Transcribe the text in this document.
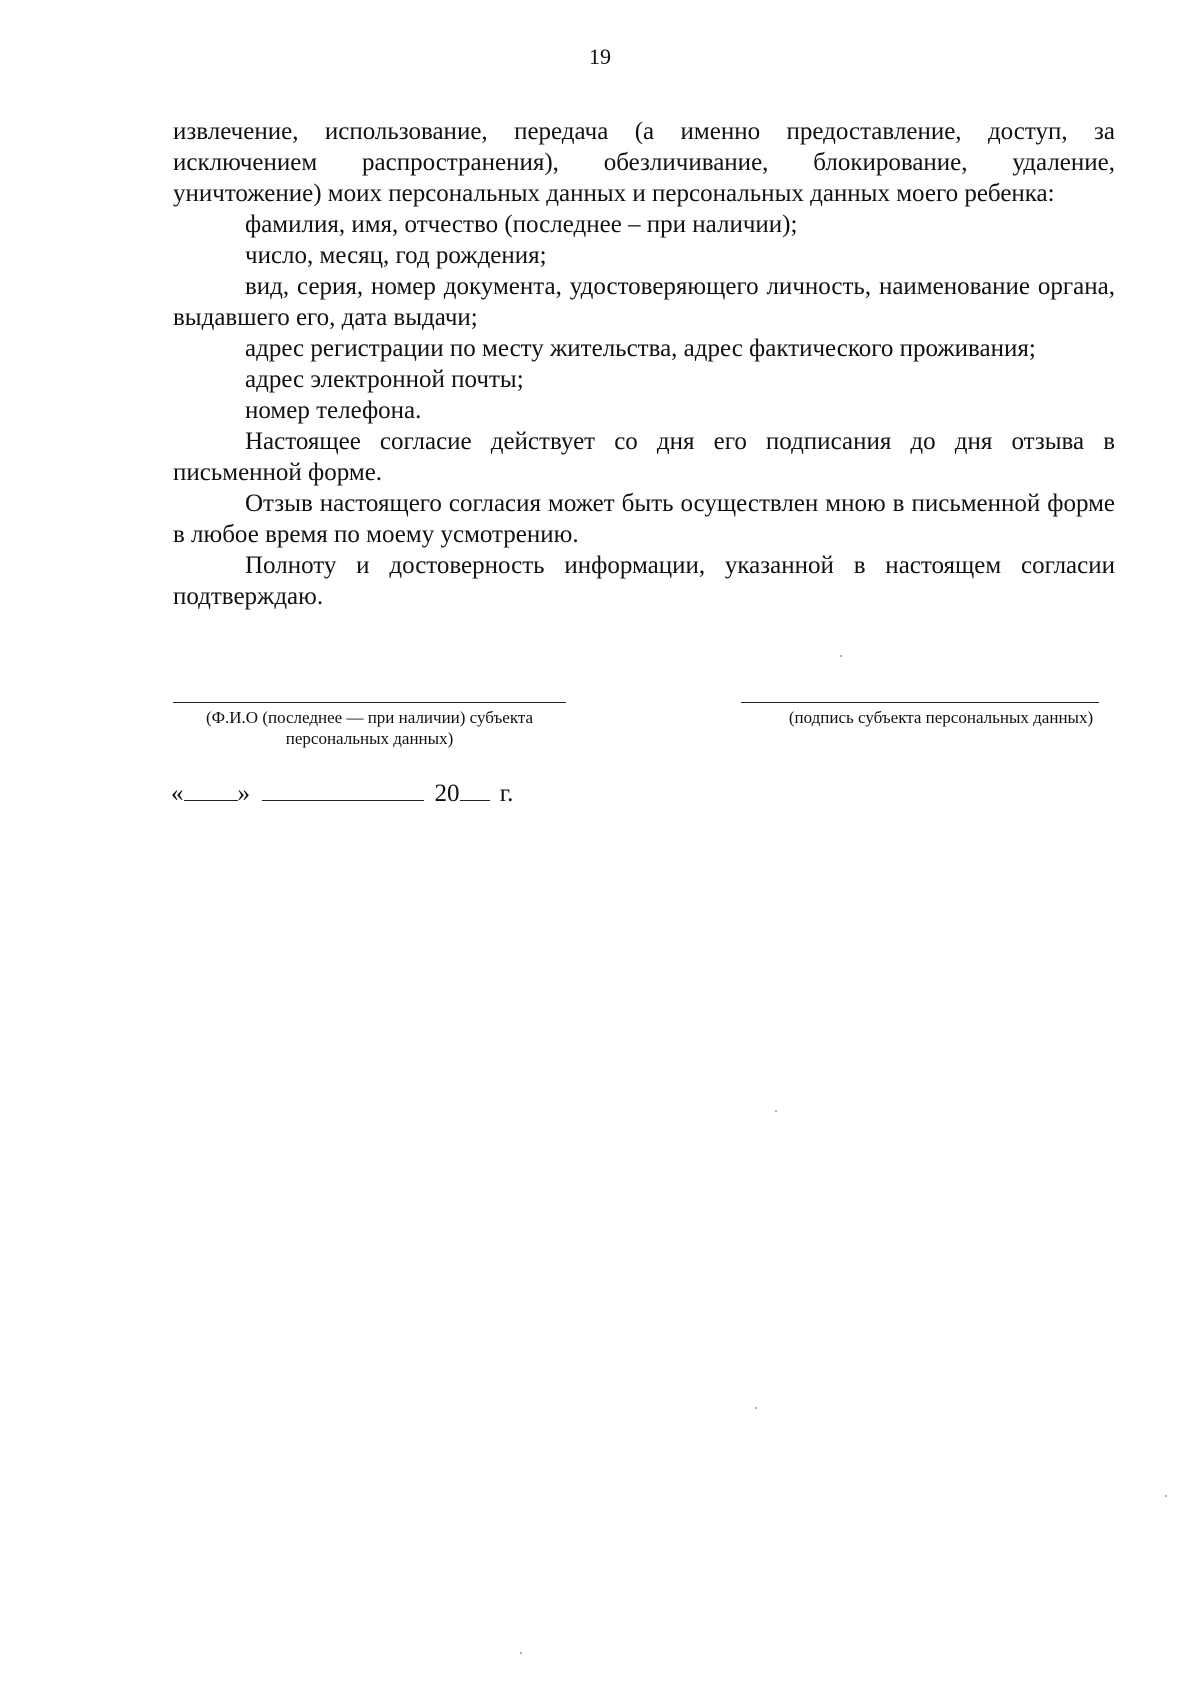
19

извлечение, использование, передача (а именно предоставление, доступ, за исключением распространения), обезличивание, блокирование, удаление, уничтожение) моих персональных данных и персональных данных моего ребенка:

фамилия, имя, отчество (последнее – при наличии);

число, месяц, год рождения;

вид, серия, номер документа, удостоверяющего личность, наименование органа, выдавшего его, дата выдачи;

адрес регистрации по месту жительства, адрес фактического проживания;

адрес электронной почты;

номер телефона.

Настоящее согласие действует со дня его подписания до дня отзыва в письменной форме.

Отзыв настоящего согласия может быть осуществлен мною в письменной форме в любое время по моему усмотрению.

Полноту и достоверность информации, указанной в настоящем согласии подтверждаю.

(Ф.И.О (последнее — при наличии) субъекта персональных данных)
(подпись субъекта персональных данных)
« »	20 г.
